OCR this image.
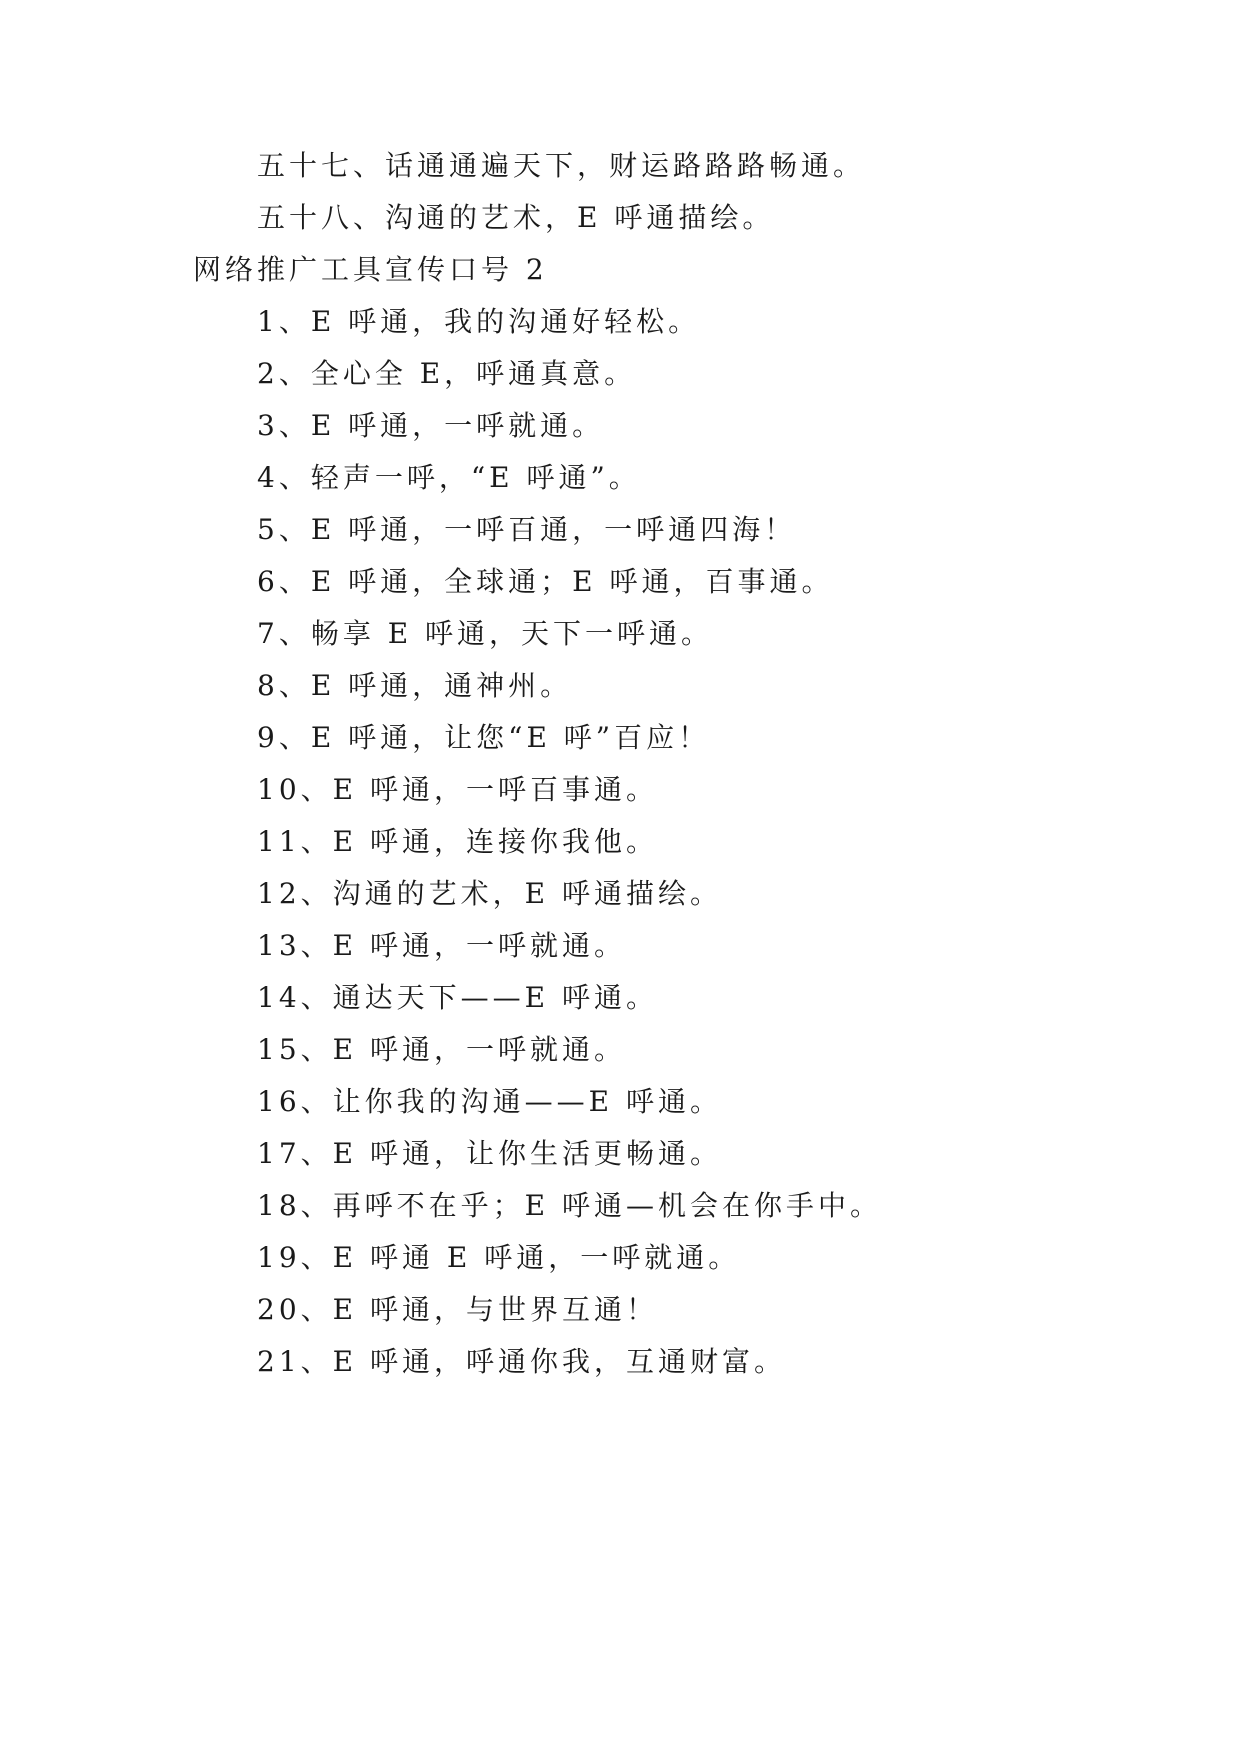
五十七、话通通遍天下，财运路路路畅通。
五十八、沟通的艺术，E 呼通描绘。
网络推广工具宣传口号 2
1、E 呼通，我的沟通好轻松。
2、全心全 E，呼通真意。
3、E 呼通，一呼就通。
4、轻声一呼，“E 呼通”。
5、E 呼通，一呼百通，一呼通四海！
6、E 呼通，全球通；E 呼通，百事通。
7、畅享 E 呼通，天下一呼通。
8、E 呼通，通神州。
9、E 呼通，让您“E 呼”百应！
10、E 呼通，一呼百事通。
11、E 呼通，连接你我他。
12、沟通的艺术，E 呼通描绘。
13、E 呼通，一呼就通。
14、通达天下——E 呼通。
15、E 呼通，一呼就通。
16、让你我的沟通——E 呼通。
17、E 呼通，让你生活更畅通。
18、再呼不在乎；E 呼通—机会在你手中。
19、E 呼通 E 呼通，一呼就通。
20、E 呼通，与世界互通！
21、E 呼通，呼通你我，互通财富。
